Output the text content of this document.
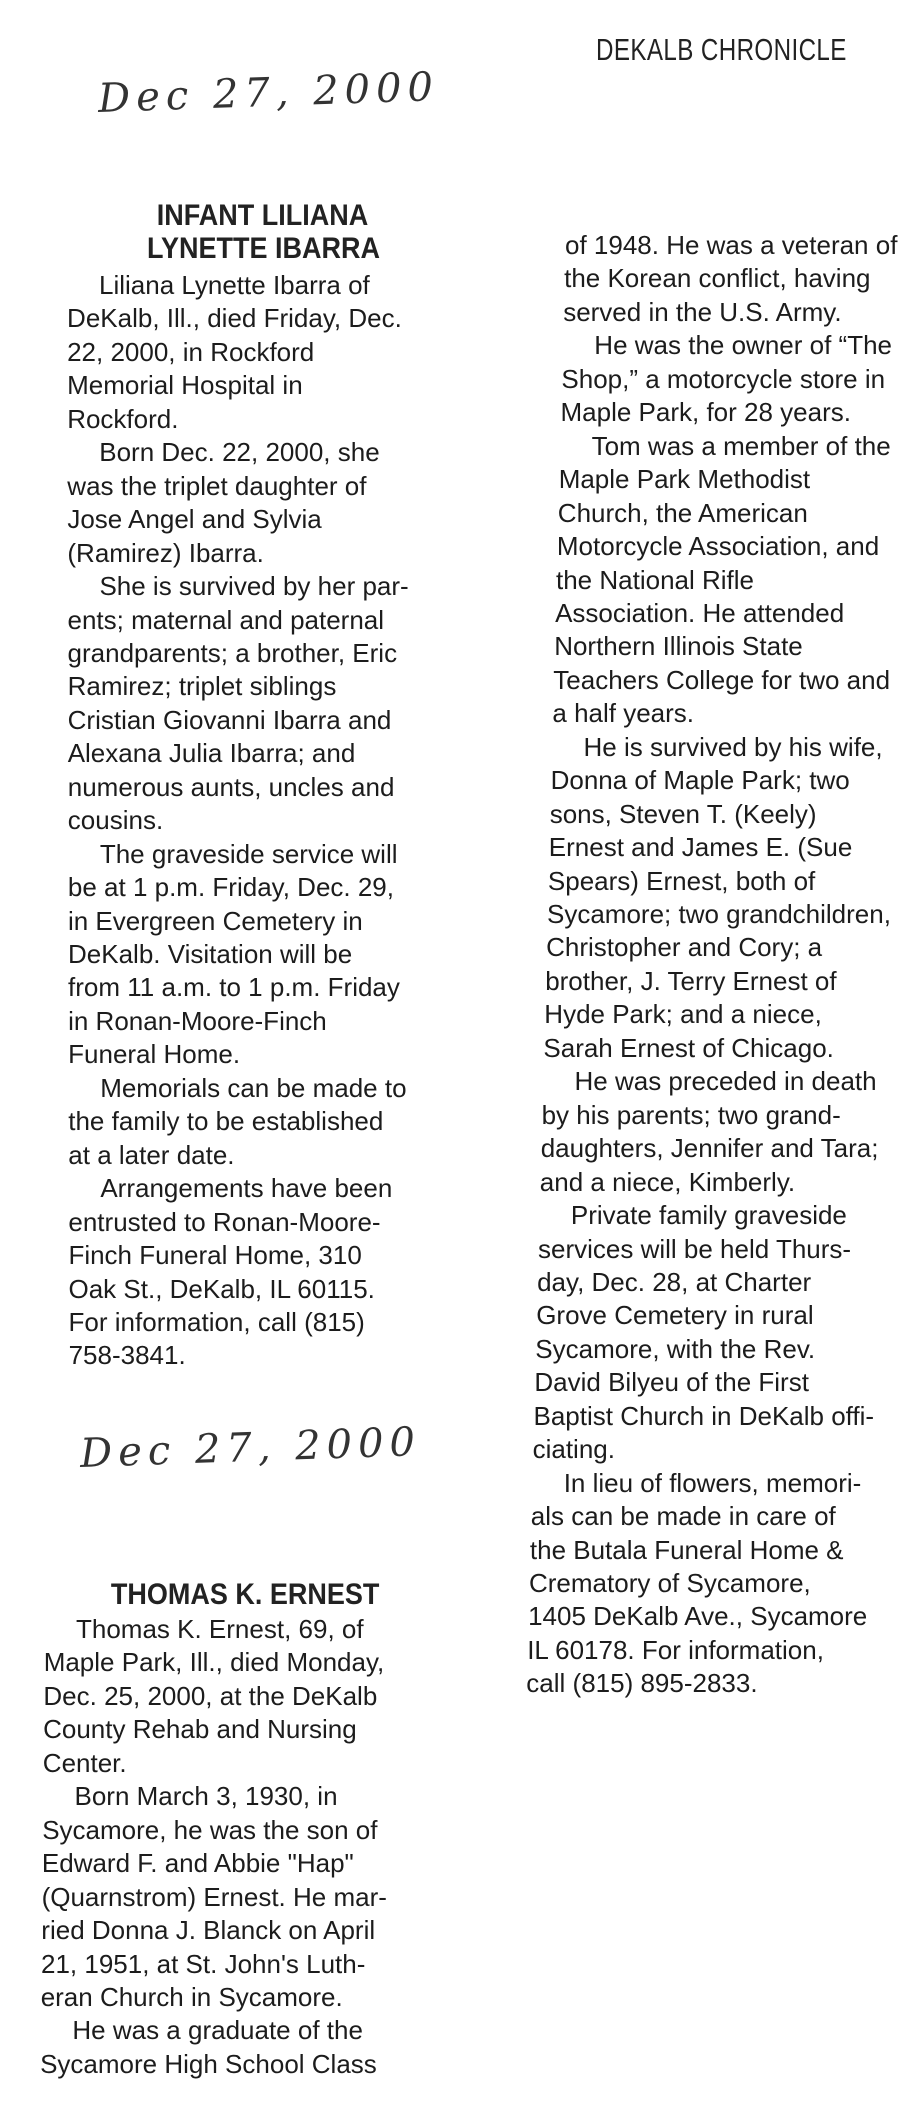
DEKALB CHRONICLE
Dec 27, 2000
Dec 27, 2000
INFANT LILIANA
LYNETTE IBARRA
Liliana Lynette Ibarra of
DeKalb, Ill., died Friday, Dec.
22, 2000, in Rockford
Memorial Hospital in
Rockford.
Born Dec. 22, 2000, she
was the triplet daughter of
Jose Angel and Sylvia
(Ramirez) Ibarra.
She is survived by her par-
ents; maternal and paternal
grandparents; a brother, Eric
Ramirez; triplet siblings
Cristian Giovanni Ibarra and
Alexana Julia Ibarra; and
numerous aunts, uncles and
cousins.
The graveside service will
be at 1 p.m. Friday, Dec. 29,
in Evergreen Cemetery in
DeKalb. Visitation will be
from 11 a.m. to 1 p.m. Friday
in Ronan-Moore-Finch
Funeral Home.
Memorials can be made to
the family to be established
at a later date.
Arrangements have been
entrusted to Ronan-Moore-
Finch Funeral Home, 310
Oak St., DeKalb, IL 60115.
For information, call (815)
758-3841.
THOMAS K. ERNEST
Thomas K. Ernest, 69, of
Maple Park, Ill., died Monday,
Dec. 25, 2000, at the DeKalb
County Rehab and Nursing
Center.
Born March 3, 1930, in
Sycamore, he was the son of
Edward F. and Abbie "Hap"
(Quarnstrom) Ernest. He mar-
ried Donna J. Blanck on April
21, 1951, at St. John's Luth-
eran Church in Sycamore.
He was a graduate of the
Sycamore High School Class
of 1948. He was a veteran of
the Korean conflict, having
served in the U.S. Army.
He was the owner of “The
Shop,” a motorcycle store in
Maple Park, for 28 years.
Tom was a member of the
Maple Park Methodist
Church, the American
Motorcycle Association, and
the National Rifle
Association. He attended
Northern Illinois State
Teachers College for two and
a half years.
He is survived by his wife,
Donna of Maple Park; two
sons, Steven T. (Keely)
Ernest and James E. (Sue
Spears) Ernest, both of
Sycamore; two grandchildren,
Christopher and Cory; a
brother, J. Terry Ernest of
Hyde Park; and a niece,
Sarah Ernest of Chicago.
He was preceded in death
by his parents; two grand-
daughters, Jennifer and Tara;
and a niece, Kimberly.
Private family graveside
services will be held Thurs-
day, Dec. 28, at Charter
Grove Cemetery in rural
Sycamore, with the Rev.
David Bilyeu of the First
Baptist Church in DeKalb offi-
ciating.
In lieu of flowers, memori-
als can be made in care of
the Butala Funeral Home &
Crematory of Sycamore,
1405 DeKalb Ave., Sycamore
IL 60178. For information,
call (815) 895-2833.
